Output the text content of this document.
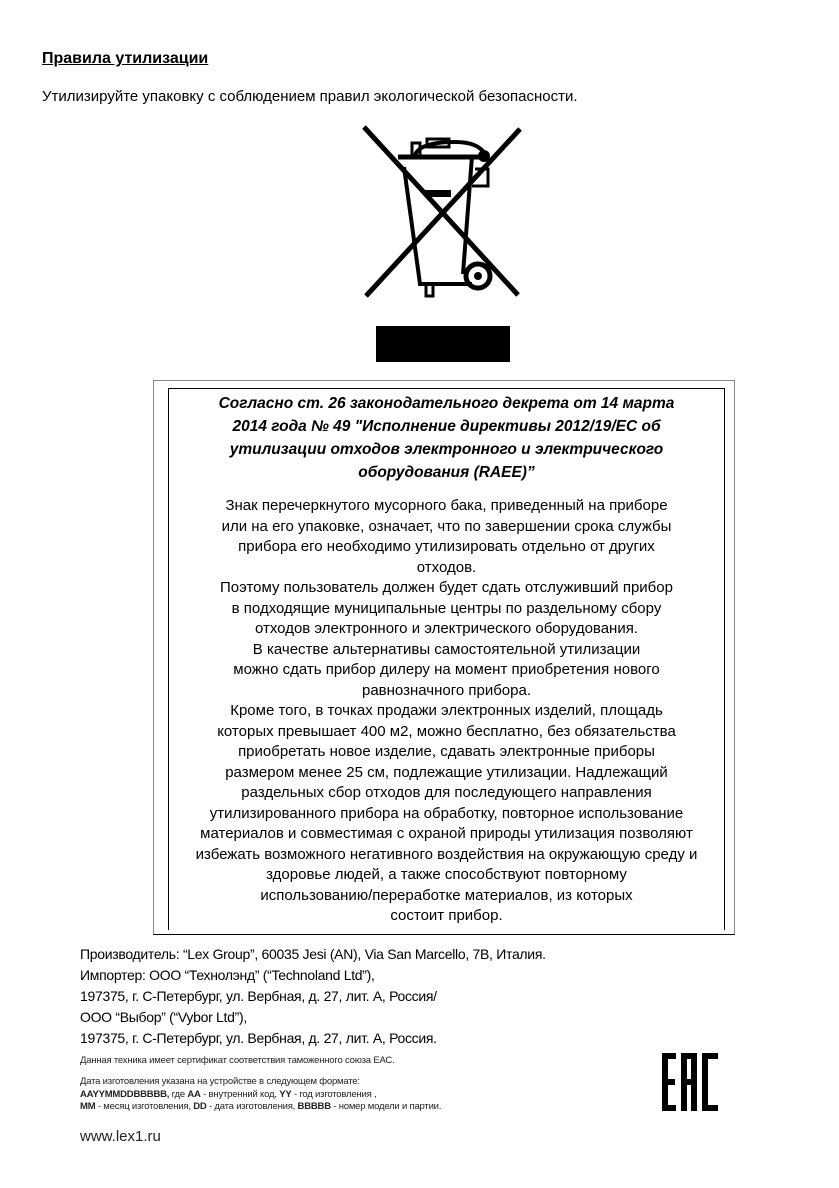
Правила утилизации
Утилизируйте упаковку с соблюдением правил экологической безопасности.
Согласно ст. 26 законодательного декрета от 14 марта
2014 года № 49 "Исполнение директивы 2012/19/ЕС об
утилизации отходов электронного и электрического
оборудования (RAEE)”
Знак перечеркнутого мусорного бака, приведенный на приборе
или на его упаковке, означает, что по завершении срока службы
прибора его необходимо утилизировать отдельно от других
отходов.
Поэтому пользователь должен будет сдать отслуживший прибор
в подходящие муниципальные центры по раздельному сбору
отходов электронного и электрического оборудования.
В качестве альтернативы самостоятельной утилизации
можно сдать прибор дилеру на момент приобретения нового
равнозначного прибора.
Кроме того, в точках продажи электронных изделий, площадь
которых превышает 400 м2, можно бесплатно, без обязательства
приобретать новое изделие, сдавать электронные приборы
размером менее 25 см, подлежащие утилизации. Надлежащий
раздельных сбор отходов для последующего направления
утилизированного прибора на обработку, повторное использование
материалов и совместимая с охраной природы утилизация позволяют
избежать возможного негативного воздействия на окружающую среду и
здоровье людей, а также способствуют повторному
использованию/переработке материалов, из которых
состоит прибор.
Производитель: “Lex Group”, 60035 Jesi (AN), Via San Marcello, 7B, Италия.
Импортер: ООО “Технолэнд” (“Technoland Ltd”),
197375, г. С-Петербург, ул. Вербная, д. 27, лит. А, Россия/
ООО “Выбор” (“Vybor Ltd”),
197375, г. С-Петербург, ул. Вербная, д. 27, лит. А, Россия.
Данная техника имеет сертификат соответствия таможенного союза ЕАС.
Дата изготовления указана на устройстве в следующем формате:
AAYYMMDDBBBBB, где AA - внутренний код, YY - год изготовления ,
MM - месяц изготовления, DD - дата изготовления, BBBBB - номер модели и партии.
www.lex1.ru
